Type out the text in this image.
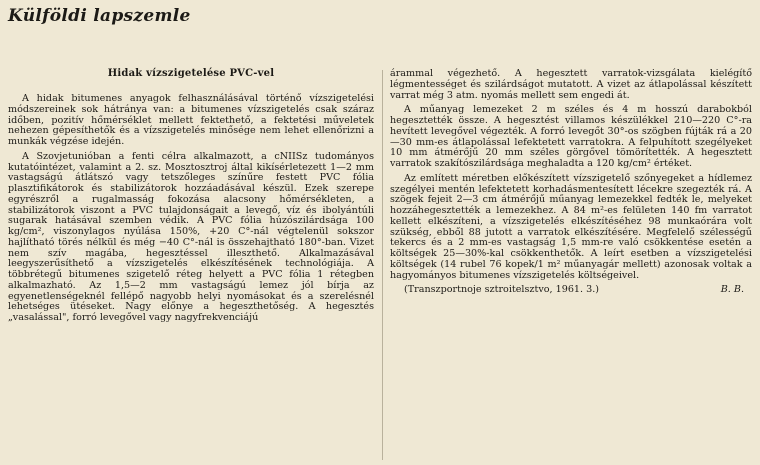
Külföldi lapszemle
Hidak vízszigetelése PVC-vel

A hidak bitumenes anyagok felhasználásával történő vízszigetelési módszereinek sok hátránya van: a bitumenes vízszigetelés csak száraz időben, pozitív hőmérséklet mellett fektethető, a fektetési műveletek nehezen gépesíthetők és a vízszigetelés minősége nem lehet ellenőrizni a munkák végzése idején.

A Szovjetunióban a fenti célra alkalmazott, a cNIISz tudományos kutatóintézet, valamint a 2. sz. Mosztosztroj által kikísérletezett 1—2 mm vastagságú átlátszó vagy tetszőleges színűre festett PVC fólia plasztifikátorok és stabilizátorok hozzáadásával készül. Ezek szerepe egyrészről a rugalmasság fokozása alacsony hőmérsékleten, a stabilizátorok viszont a PVC tulajdonságait a levegő, víz és ibolyántúli sugarak hatásával szemben védik. A PVC fólia húzószilárdsága 100 kg/cm², viszonylagos nyúlása 150%, +20 C°-nál végtelenül sokszor hajlítható törés nélkül és még −40 C°-nál is összehajtható 180°-ban. Vizet nem szív magába, hegesztéssel illeszthető. Alkalmazásával leegyszerűsíthető a vízszigetelés elkészítésének technológiája. A többrétegű bitumenes szigetelő réteg helyett a PVC fólia 1 rétegben alkalmazható. Az 1,5—2 mm vastagságú lemez jól bírja az egyenetlenségeknél fellépő nagyobb helyi nyomásokat és a szerelésnél lehetséges ütéseket. Nagy előnye a hegeszthetőség. A hegesztés „vasalással", forró levegővel vagy nagyfrekvenciájú

árammal végezhető. A hegesztett varratok-vizsgálata kielégítő légmentességet és szilárdságot mutatott. A vizet az átlapolással készített varrat még 3 atm. nyomás mellett sem engedi át.

A műanyag lemezeket 2 m széles és 4 m hosszú darabokból hegesztették össze. A hegesztést villamos készülékkel 210—220 C°-ra hevített levegővel végezték. A forró levegőt 30°-os szögben fújták rá a 20—30 mm-es átlapolással lefektetett varratokra. A felpuhított szegélyeket 10 mm átmérőjű 20 mm széles görgővel tömörítették. A hegesztett varratok szakítószilárdsága meghaladta a 120 kg/cm² értéket.

Az említett méretben előkészített vízszigetelő szőnyegeket a hídlemez szegélyei mentén lefektetett korhadásmentesített lécekre szegezték rá. A szögek fejeit 2—3 cm átmérőjű műanyag lemezekkel fedték le, melyeket hozzáhegesztették a lemezekhez. A 84 m²-es felületen 140 fm varratot kellett elkészíteni, a vízszigetelés elkészítéséhez 98 munkaórára volt szükség, ebből 88 jutott a varratok elkészítésére. Megfelelő szélességű tekercs és a 2 mm-es vastagság 1,5 mm-re való csökkentése esetén a költségek 25—30%-kal csökkenthetők. A leírt esetben a vízszigetelési költségek (14 rubel 76 kopek/1 m² műanyagár mellett) azonosak voltak a hagyományos bitumenes vízszigetelés költségeivel.

(Transzportnoje sztroitelsztvo, 1961. 3.)	B. B.
